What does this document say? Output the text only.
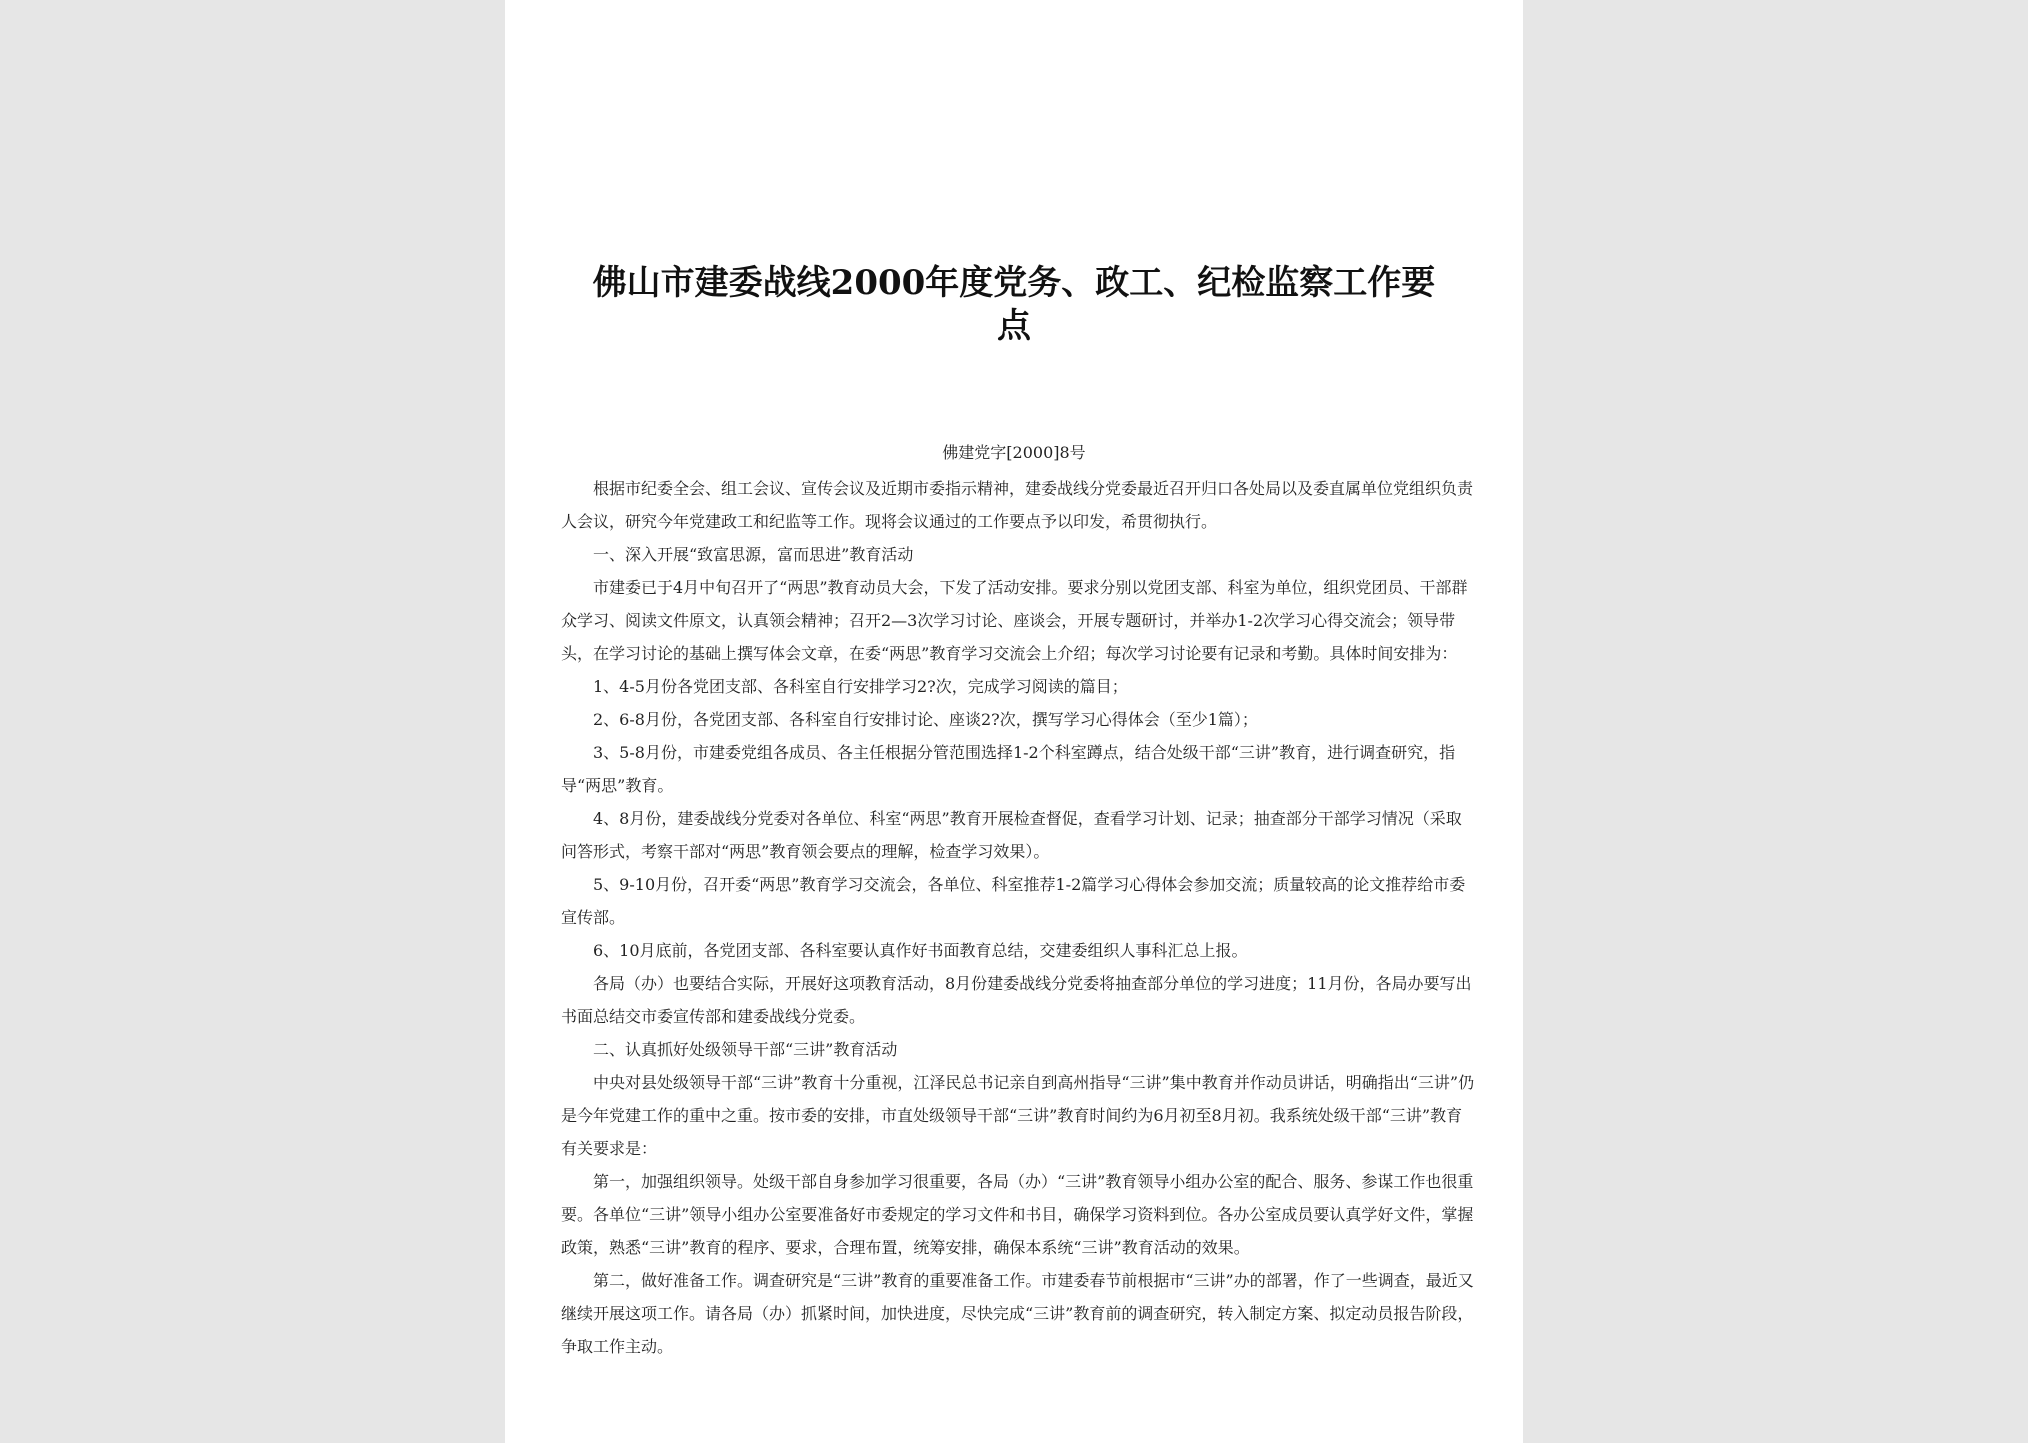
佛山市建委战线2000年度党务、政工、纪检监察工作要
点
佛建党字[2000]8号

根据市纪委全会、组工会议、宣传会议及近期市委指示精神，建委战线分党委最近召开归口各处局以及委直属单位党组织负责人会议，研究今年党建政工和纪监等工作。现将会议通过的工作要点予以印发，希贯彻执行。

一、深入开展“致富思源，富而思进”教育活动

市建委已于4月中旬召开了“两思”教育动员大会，下发了活动安排。要求分别以党团支部、科室为单位，组织党团员、干部群众学习、阅读文件原文，认真领会精神；召开2—3次学习讨论、座谈会，开展专题研讨，并举办1-2次学习心得交流会；领导带头，在学习讨论的基础上撰写体会文章，在委“两思”教育学习交流会上介绍；每次学习讨论要有记录和考勤。具体时间安排为：

1、4-5月份各党团支部、各科室自行安排学习2?次，完成学习阅读的篇目；

2、6-8月份，各党团支部、各科室自行安排讨论、座谈2?次，撰写学习心得体会（至少1篇）；

3、5-8月份，市建委党组各成员、各主任根据分管范围选择1-2个科室蹲点，结合处级干部“三讲”教育，进行调查研究，指导“两思”教育。

4、8月份，建委战线分党委对各单位、科室“两思”教育开展检查督促，查看学习计划、记录；抽查部分干部学习情况（采取问答形式，考察干部对“两思”教育领会要点的理解，检查学习效果）。

5、9-10月份，召开委“两思”教育学习交流会，各单位、科室推荐1-2篇学习心得体会参加交流；质量较高的论文推荐给市委宣传部。

6、10月底前，各党团支部、各科室要认真作好书面教育总结，交建委组织人事科汇总上报。

各局（办）也要结合实际，开展好这项教育活动，8月份建委战线分党委将抽查部分单位的学习进度；11月份，各局办要写出书面总结交市委宣传部和建委战线分党委。

二、认真抓好处级领导干部“三讲”教育活动

中央对县处级领导干部“三讲”教育十分重视，江泽民总书记亲自到高州指导“三讲”集中教育并作动员讲话，明确指出“三讲”仍是今年党建工作的重中之重。按市委的安排，市直处级领导干部“三讲”教育时间约为6月初至8月初。我系统处级干部“三讲”教育有关要求是：

第一，加强组织领导。处级干部自身参加学习很重要，各局（办）“三讲”教育领导小组办公室的配合、服务、参谋工作也很重要。各单位“三讲”领导小组办公室要准备好市委规定的学习文件和书目，确保学习资料到位。各办公室成员要认真学好文件，掌握政策，熟悉“三讲”教育的程序、要求，合理布置，统筹安排，确保本系统“三讲”教育活动的效果。

第二，做好准备工作。调查研究是“三讲”教育的重要准备工作。市建委春节前根据市“三讲”办的部署，作了一些调查，最近又继续开展这项工作。请各局（办）抓紧时间，加快进度，尽快完成“三讲”教育前的调查研究，转入制定方案、拟定动员报告阶段，争取工作主动。
